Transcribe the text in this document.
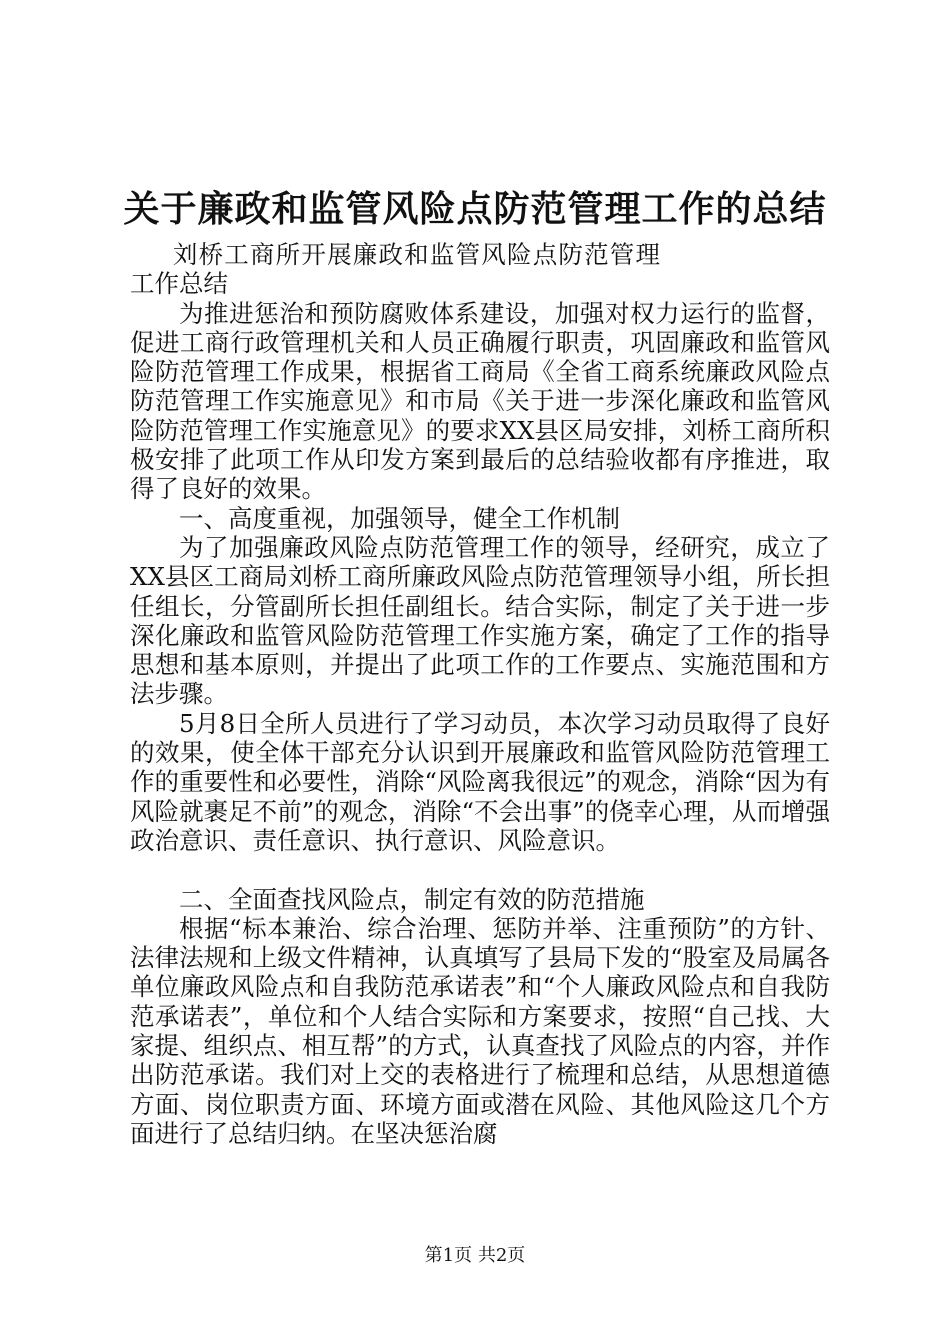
关于廉政和监管风险点防范管理工作的总结

刘桥工商所开展廉政和监管风险点防范管理工作总结

为推进惩治和预防腐败体系建设，加强对权力运行的监督，促进工商行政管理机关和人员正确履行职责，巩固廉政和监管风险防范管理工作成果，根据省工商局《全省工商系统廉政风险点防范管理工作实施意见》和市局《关于进一步深化廉政和监管风险防范管理工作实施意见》的要求XX县区局安排，刘桥工商所积极安排了此项工作从印发方案到最后的总结验收都有序推进，取得了良好的效果。

一、高度重视，加强领导，健全工作机制

为了加强廉政风险点防范管理工作的领导，经研究，成立了XX县区工商局刘桥工商所廉政风险点防范管理领导小组，所长担任组长，分管副所长担任副组长。结合实际，制定了关于进一步深化廉政和监管风险防范管理工作实施方案，确定了工作的指导思想和基本原则，并提出了此项工作的工作要点、实施范围和方法步骤。

5月8日全所人员进行了学习动员，本次学习动员取得了良好的效果，使全体干部充分认识到开展廉政和监管风险防范管理工作的重要性和必要性，消除“风险离我很远”的观念，消除“因为有风险就裹足不前”的观念，消除“不会出事”的侥幸心理，从而增强政治意识、责任意识、执行意识、风险意识。

二、全面查找风险点，制定有效的防范措施

根据“标本兼治、综合治理、惩防并举、注重预防”的方针、法律法规和上级文件精神，认真填写了县局下发的“股室及局属各单位廉政风险点和自我防范承诺表”和“个人廉政风险点和自我防范承诺表”，单位和个人结合实际和方案要求，按照“自己找、大家提、组织点、相互帮”的方式，认真查找了风险点的内容，并作出防范承诺。我们对上交的表格进行了梳理和总结，从思想道德方面、岗位职责方面、环境方面或潜在风险、其他风险这几个方面进行了总结归纳。在坚决惩治腐

第1页 共2页
